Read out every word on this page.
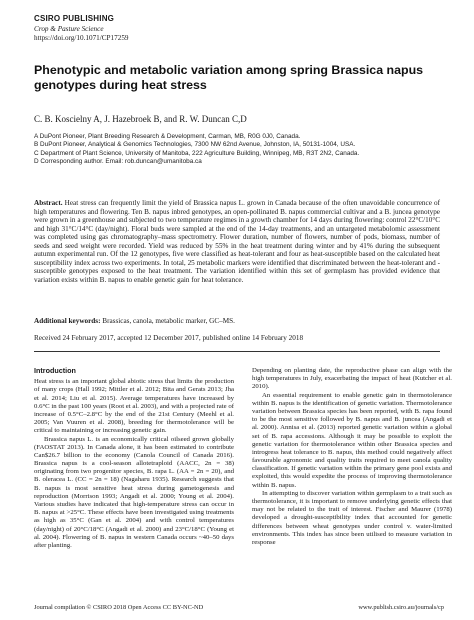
CSIRO PUBLISHING
Crop & Pasture Science
https://doi.org/10.1071/CP17259
Phenotypic and metabolic variation among spring Brassica napus genotypes during heat stress
C. B. Koscielny A, J. Hazebroek B, and R. W. Duncan C,D
A DuPont Pioneer, Plant Breeding Research & Development, Carman, MB, R0G 0J0, Canada.
B DuPont Pioneer, Analytical & Genomics Technologies, 7300 NW 62nd Avenue, Johnston, IA, 50131-1004, USA.
C Department of Plant Science, University of Manitoba, 222 Agriculture Building, Winnipeg, MB, R3T 2N2, Canada.
D Corresponding author. Email: rob.duncan@umanitoba.ca
Abstract. Heat stress can frequently limit the yield of Brassica napus L. grown in Canada because of the often unavoidable concurrence of high temperatures and flowering. Ten B. napus inbred genotypes, an open-pollinated B. napus commercial cultivar and a B. juncea genotype were grown in a greenhouse and subjected to two temperature regimes in a growth chamber for 14 days during flowering: control 22°C/10°C and high 31°C/14°C (day/night). Floral buds were sampled at the end of the 14-day treatments, and an untargeted metabolomic assessment was completed using gas chromatography–mass spectrometry. Flower duration, number of flowers, number of pods, biomass, number of seeds and seed weight were recorded. Yield was reduced by 55% in the heat treatment during winter and by 41% during the subsequent autumn experimental run. Of the 12 genotypes, five were classified as heat-tolerant and four as heat-susceptible based on the calculated heat susceptibility index across two experiments. In total, 25 metabolic markers were identified that discriminated between the heat-tolerant and -susceptible genotypes exposed to the heat treatment. The variation identified within this set of germplasm has provided evidence that variation exists within B. napus to enable genetic gain for heat tolerance.
Additional keywords: Brassicas, canola, metabolic marker, GC–MS.
Received 24 February 2017, accepted 12 December 2017, published online 14 February 2018

Introduction

Heat stress is an important global abiotic stress that limits the production of many crops (Hall 1992; Mittler et al. 2012; Bita and Gerats 2013; Jha et al. 2014; Liu et al. 2015). Average temperatures have increased by 0.6°C in the past 100 years (Root et al. 2003), and with a projected rate of increase of 0.5°C–2.8°C by the end of the 21st Century (Meehl et al. 2005; Van Vuuren et al. 2008), breeding for thermotolerance will be critical to maintaining or increasing genetic gain.

Brassica napus L. is an economically critical oilseed grown globally (FAOSTAT 2013). In Canada alone, it has been estimated to contribute Can$26.7 billion to the economy (Canola Council of Canada 2016). Brassica napus is a cool-season allotetraploid (AACC, 2n = 38) originating from two progenitor species, B. rapa L. (AA = 2n = 20), and B. oleracea L. (CC = 2n = 18) (Nagaharu 1935). Research suggests that B. napus is most sensitive heat stress during gametogenesis and reproduction (Morrison 1993; Angadi et al. 2000; Young et al. 2004). Various studies have indicated that high-temperature stress can occur in B. napus at >25°C. These effects have been investigated using treatments as high as 35°C (Gan et al. 2004) and with control temperatures (day/night) of 20°C/18°C (Angadi et al. 2000) and 23°C/18°C (Young et al. 2004). Flowering of B. napus in western Canada occurs ~40–50 days after planting.

Depending on planting date, the reproductive phase can align with the high temperatures in July, exacerbating the impact of heat (Kutcher et al. 2010).

An essential requirement to enable genetic gain in thermotolerance within B. napus is the identification of genetic variation. Thermotolerance variation between Brassica species has been reported, with B. rapa found to be the most sensitive followed by B. napus and B. juncea (Angadi et al. 2000). Annisa et al. (2013) reported genetic variation within a global set of B. rapa accessions. Although it may be possible to exploit the genetic variation for thermotolerance within other Brassica species and introgress heat tolerance to B. napus, this method could negatively affect favourable agronomic and quality traits required to meet canola quality classification. If genetic variation within the primary gene pool exists and exploited, this would expedite the process of improving thermotolerance within B. napus.

In attempting to discover variation within germplasm to a trait such as thermotolerance, it is important to remove underlying genetic effects that may not be related to the trait of interest. Fischer and Maurer (1978) developed a drought-susceptibility index that accounted for genetic differences between wheat genotypes under control v. water-limited environments. This index has since been utilised to measure variation in response

Journal compilation © CSIRO 2018 Open Access CC BY-NC-ND	www.publish.csiro.au/journals/cp
